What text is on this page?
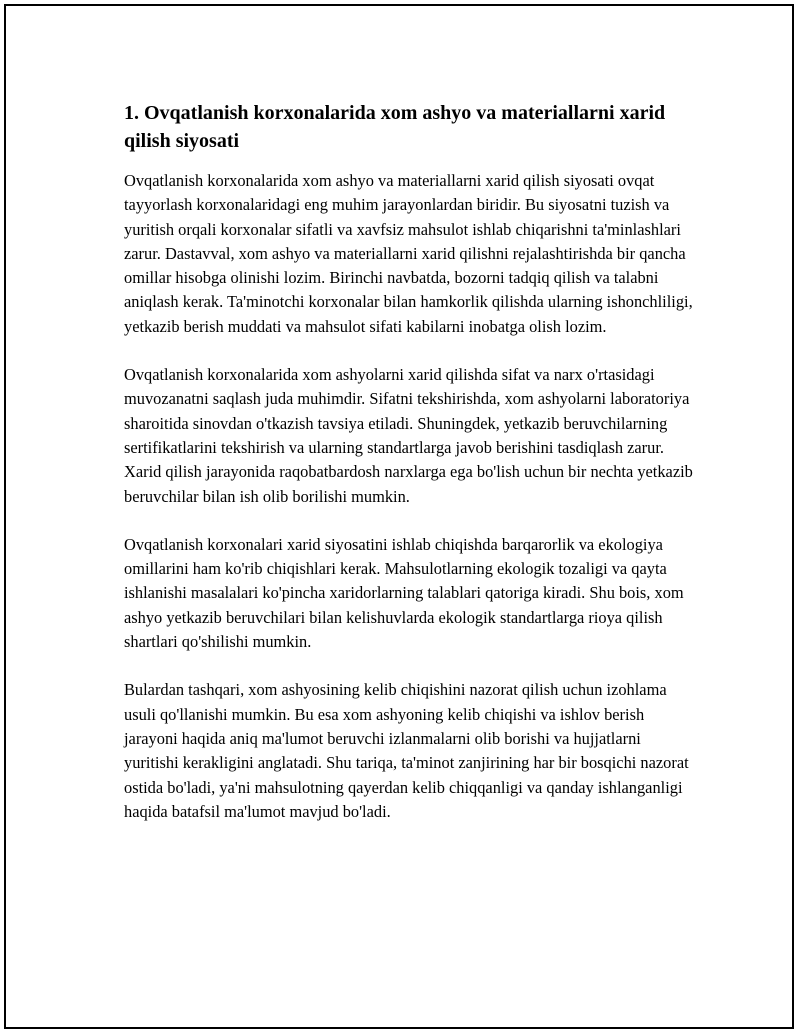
1. Ovqatlanish korxonalarida xom ashyo va materiallarni xarid qilish siyosati

Ovqatlanish korxonalarida xom ashyo va materiallarni xarid qilish siyosati ovqat tayyorlash korxonalaridagi eng muhim jarayonlardan biridir. Bu siyosatni tuzish va yuritish orqali korxonalar sifatli va xavfsiz mahsulot ishlab chiqarishni ta'minlashlari zarur. Dastavval, xom ashyo va materiallarni xarid qilishni rejalashtirishda bir qancha omillar hisobga olinishi lozim. Birinchi navbatda, bozorni tadqiq qilish va talabni aniqlash kerak. Ta'minotchi korxonalar bilan hamkorlik qilishda ularning ishonchliligi, yetkazib berish muddati va mahsulot sifati kabilarni inobatga olish lozim.

Ovqatlanish korxonalarida xom ashyolarni xarid qilishda sifat va narx o'rtasidagi muvozanatni saqlash juda muhimdir. Sifatni tekshirishda, xom ashyolarni laboratoriya sharoitida sinovdan o'tkazish tavsiya etiladi. Shuningdek, yetkazib beruvchilarning sertifikatlarini tekshirish va ularning standartlarga javob berishini tasdiqlash zarur. Xarid qilish jarayonida raqobatbardosh narxlarga ega bo'lish uchun bir nechta yetkazib beruvchilar bilan ish olib borilishi mumkin.

Ovqatlanish korxonalari xarid siyosatini ishlab chiqishda barqarorlik va ekologiya omillarini ham ko'rib chiqishlari kerak. Mahsulotlarning ekologik tozaligi va qayta ishlanishi masalalari ko'pincha xaridorlarning talablari qatoriga kiradi. Shu bois, xom ashyo yetkazib beruvchilari bilan kelishuvlarda ekologik standartlarga rioya qilish shartlari qo'shilishi mumkin.

Bulardan tashqari, xom ashyosining kelib chiqishini nazorat qilish uchun izohlama usuli qo'llanishi mumkin. Bu esa xom ashyoning kelib chiqishi va ishlov berish jarayoni haqida aniq ma'lumot beruvchi izlanmalarni olib borishi va hujjatlarni yuritishi kerakligini anglatadi. Shu tariqa, ta'minot zanjirining har bir bosqichi nazorat ostida bo'ladi, ya'ni mahsulotning qayerdan kelib chiqqanligi va qanday ishlanganligi haqida batafsil ma'lumot mavjud bo'ladi.
